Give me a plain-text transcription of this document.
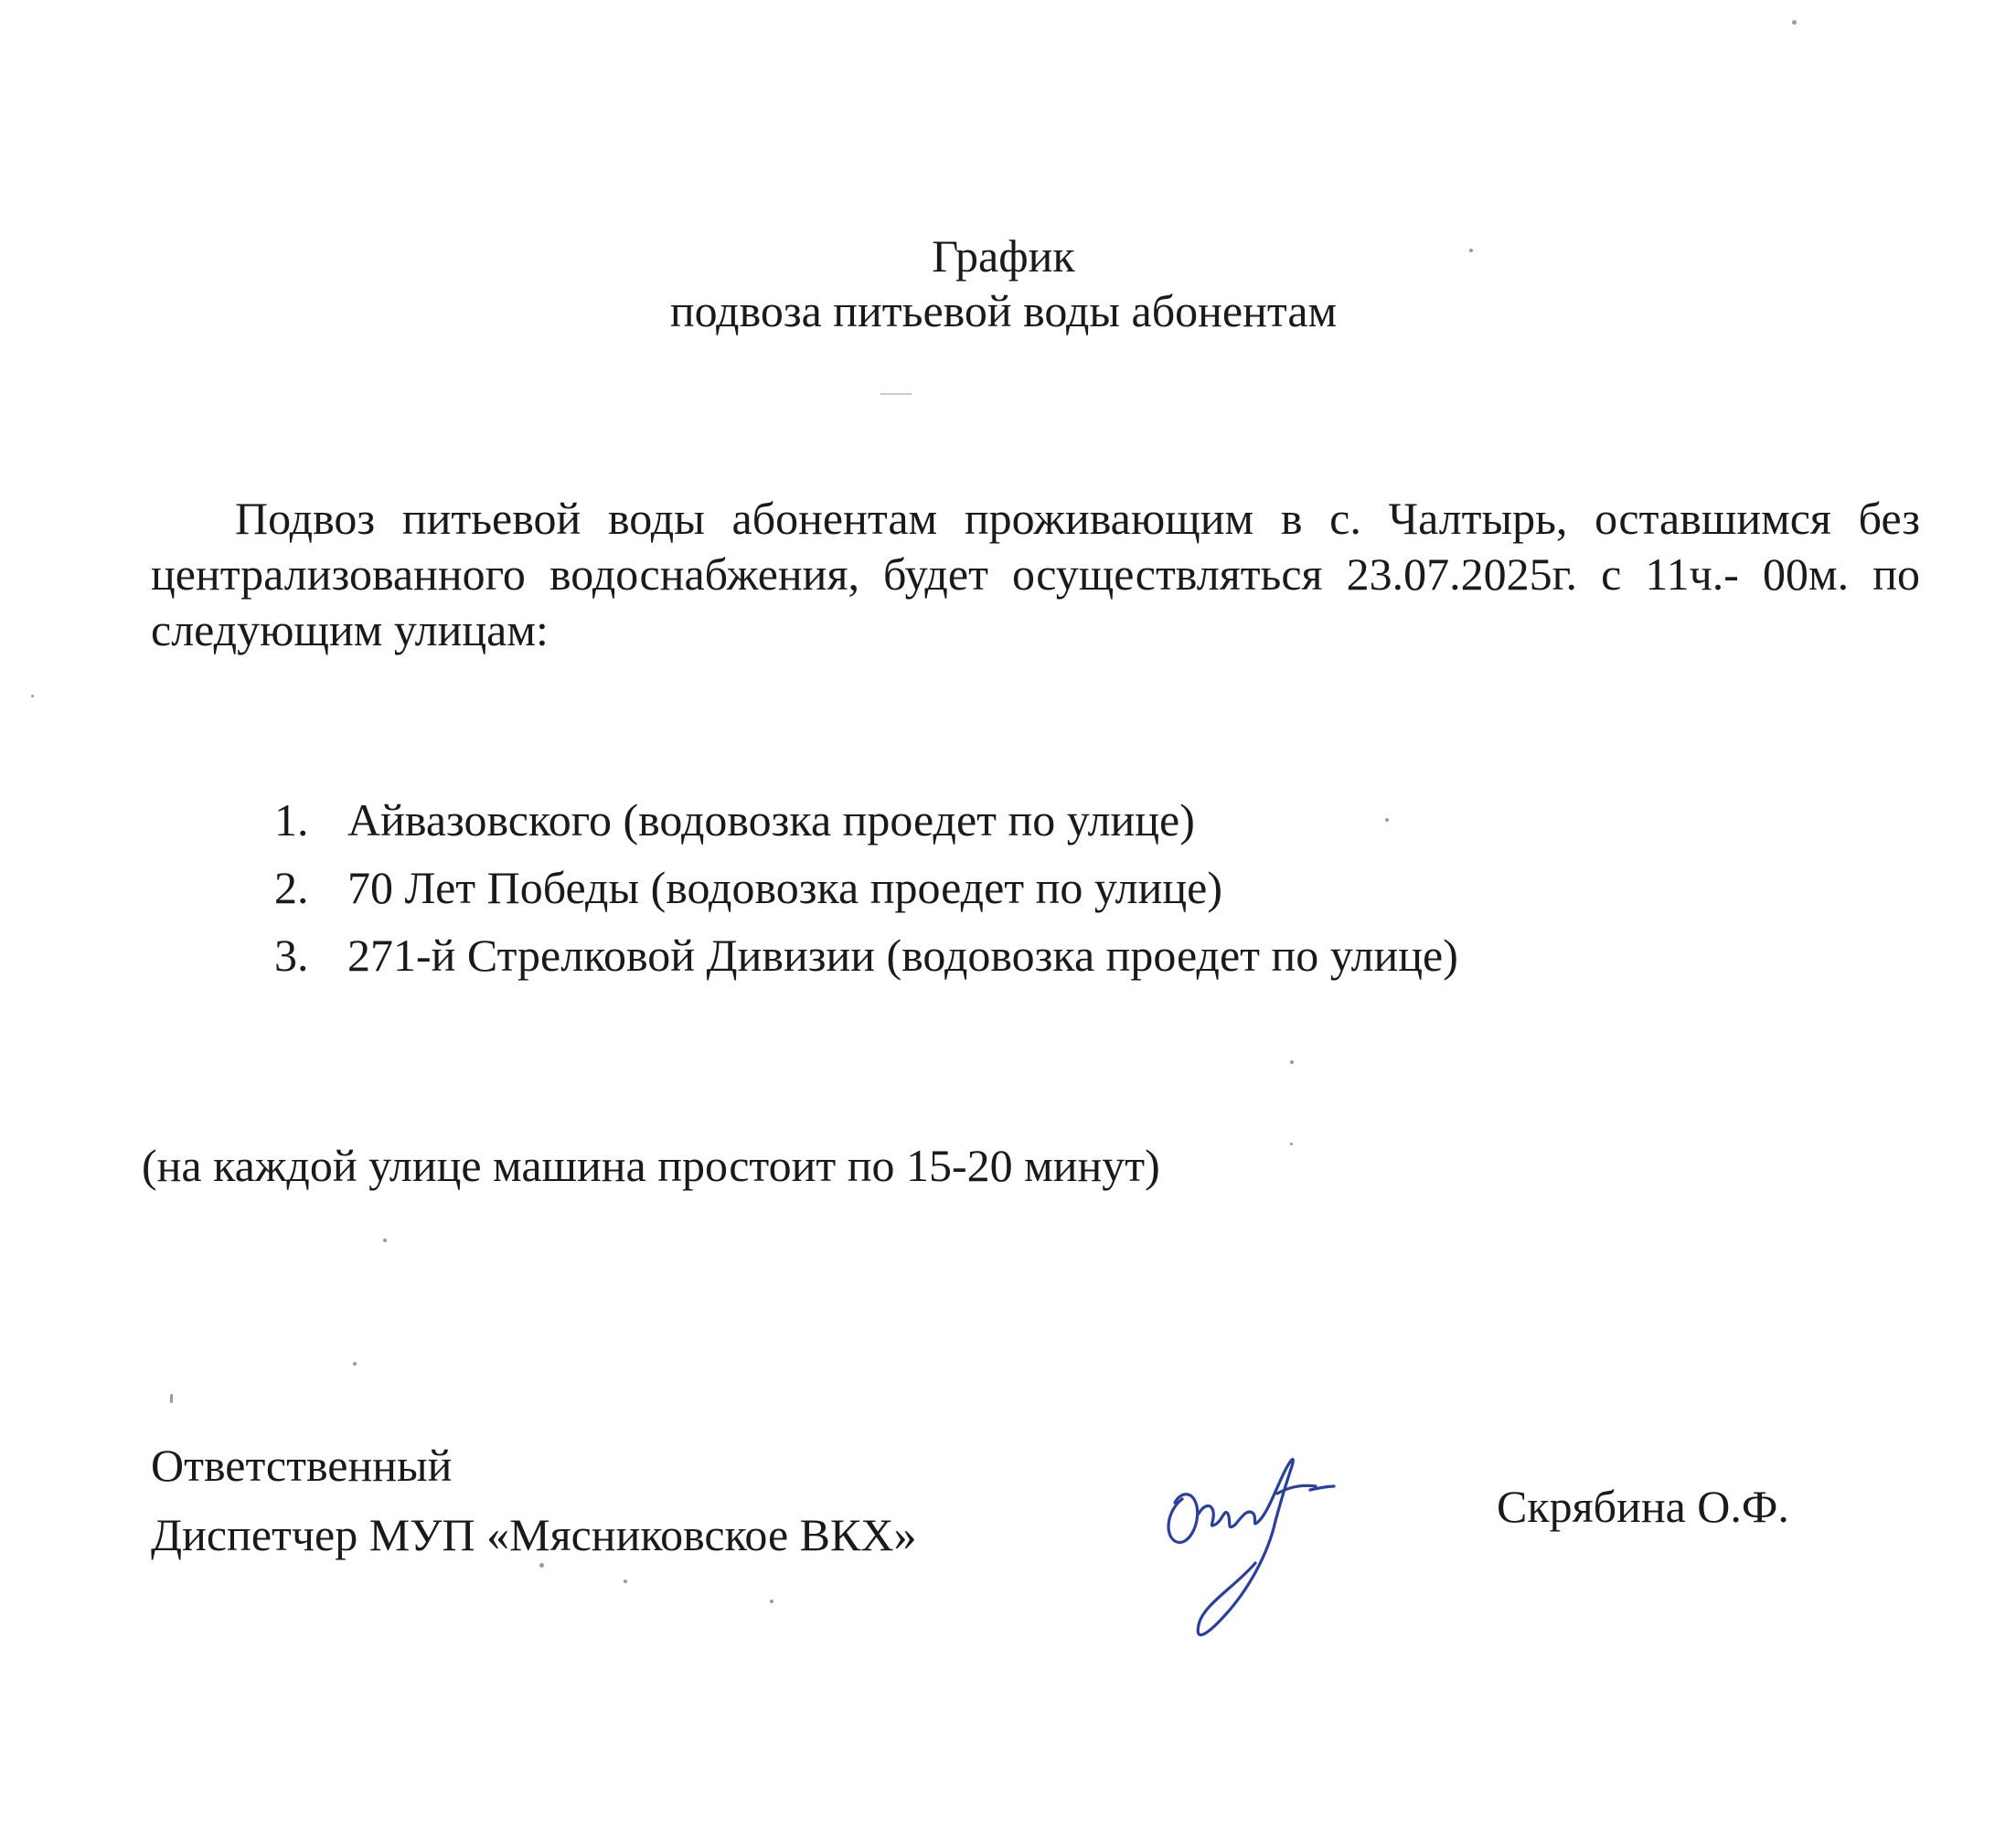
График
подвоза питьевой воды абонентам
Подвоз питьевой воды абонентам проживающим в с. Чалтырь, оставшимся без централизованного водоснабжения, будет осуществляться 23.07.2025г. с 11ч.- 00м. по следующим улицам:
1. Айвазовского (водовозка проедет по улице)
2. 70 Лет Победы (водовозка проедет по улице)
3. 271-й Стрелковой Дивизии (водовозка проедет по улице)
(на каждой улице машина простоит по 15-20 минут)
Ответственный
Диспетчер МУП «Мясниковское ВКХ»
Скрябина О.Ф.
